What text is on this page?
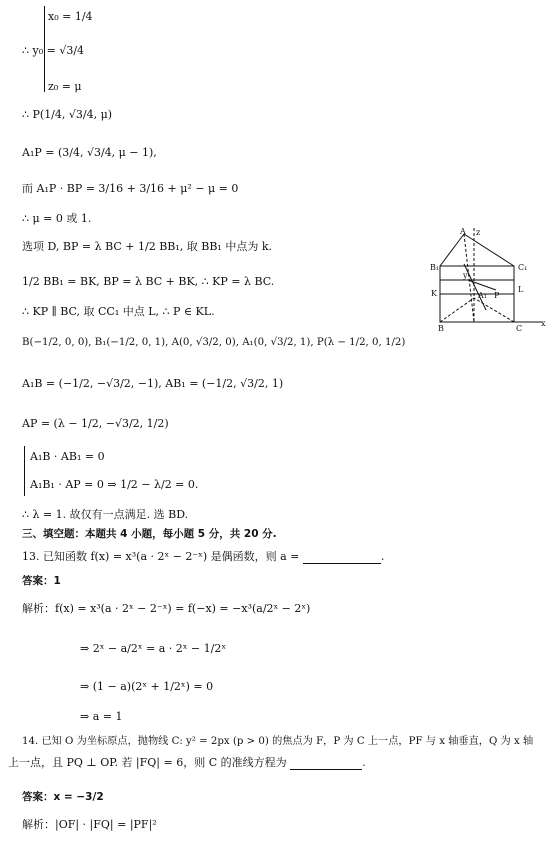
x₀ = 1/4
∴ y₀ = √3/4
z₀ = μ
∴ P(1/4, √3/4, μ)
A₁P = (3/4, √3/4, μ − 1),
而 A₁P · BP = 3/16 + 3/16 + μ² − μ = 0
∴ μ = 0 或 1.
选项 D, BP = λ BC + 1/2 BB₁, 取 BB₁ 中点为 k.
1/2 BB₁ = BK, BP = λ BC + BK, ∴ KP = λ BC.
∴ KP ∥ BC, 取 CC₁ 中点 L, ∴ P ∈ KL.
B(−1/2, 0, 0), B₁(−1/2, 0, 1), A(0, √3/2, 0), A₁(0, √3/2, 1), P(λ − 1/2, 0, 1/2)
A₁B = (−1/2, −√3/2, −1), AB₁ = (−1/2, √3/2, 1)
AP = (λ − 1/2, −√3/2, 1/2)
A₁B · AB₁ = 0
A₁B₁ · AP = 0 ⇒ 1/2 − λ/2 = 0.
∴ λ = 1. 故仅有一点满足. 选 BD.
三、填空题：本题共 4 小题，每小题 5 分，共 20 分.
13. 已知函数 f(x) = x³(a · 2ˣ − 2⁻ˣ) 是偶函数，则 a =	.
答案：1
解析：f(x) = x³(a · 2ˣ − 2⁻ˣ) = f(−x) = −x³(a/2ˣ − 2ˣ)
⇒ 2ˣ − a/2ˣ = a · 2ˣ − 1/2ˣ
⇒ (1 − a)(2ˣ + 1/2ˣ) = 0
⇒ a = 1
14. 已知 O 为坐标原点，抛物线 C: y² = 2px (p > 0) 的焦点为 F，P 为 C 上一点，PF 与 x 轴垂直，Q 为 x 轴
上一点，且 PQ ⊥ OP. 若 |FQ| = 6，则 C 的准线方程为	.
答案：x = −3/2
解析：|OF| · |FQ| = |PF|²
A z
B₁	C₁
K	L
y
A₁ P
B	C
x
